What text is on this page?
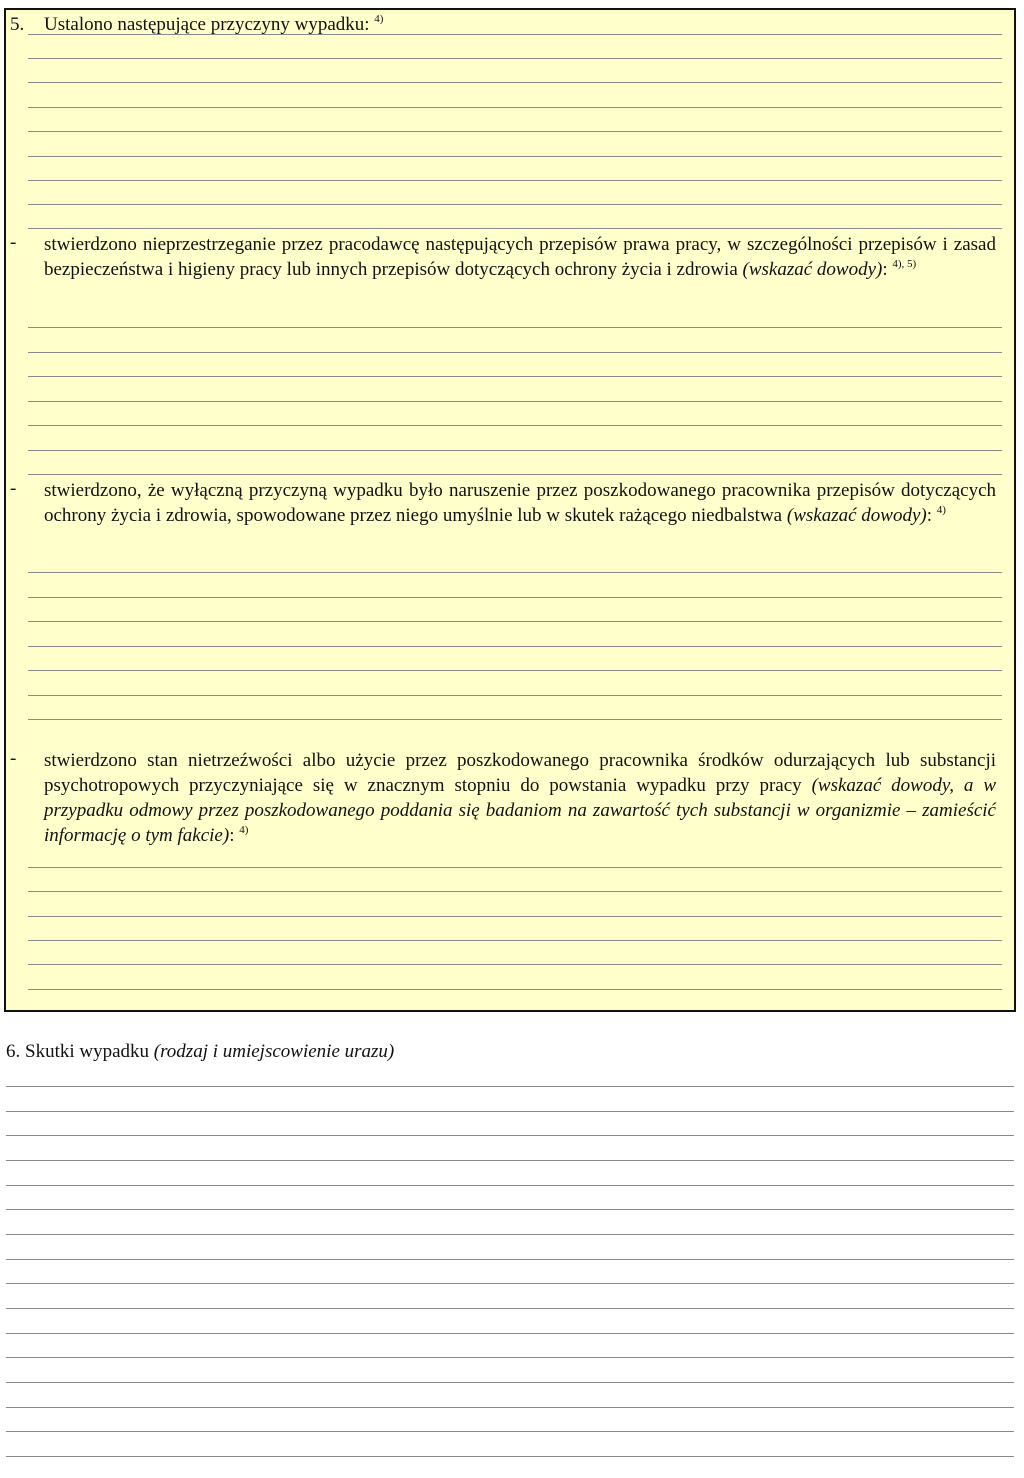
5. Ustalono następujące przyczyny wypadku: $^{4)}$
- stwierdzono nieprzestrzeganie przez pracodawcę następujących przepisów prawa pracy, w szczególności przepisów i zasad bezpieczeństwa i higieny pracy lub innych przepisów dotyczących ochrony życia i zdrowia (wskazać dowody): $^{4), 5)}$
- stwierdzono, że wyłączną przyczyną wypadku było naruszenie przez poszkodowanego pracownika przepisów dotyczących ochrony życia i zdrowia, spowodowane przez niego umyślnie lub w skutek rażącego niedbalstwa (wskazać dowody): $^{4)}$
- stwierdzono stan nietrzeźwości albo użycie przez poszkodowanego pracownika środków odurzających lub substancji psychotropowych przyczyniające się w znacznym stopniu do powstania wypadku przy pracy (wskazać dowody, a w przypadku odmowy przez poszkodowanego poddania się badaniom na zawartość tych substancji w organizmie – zamieścić informację o tym fakcie): $^{4)}$
6. Skutki wypadku (rodzaj i umiejscowienie urazu)
